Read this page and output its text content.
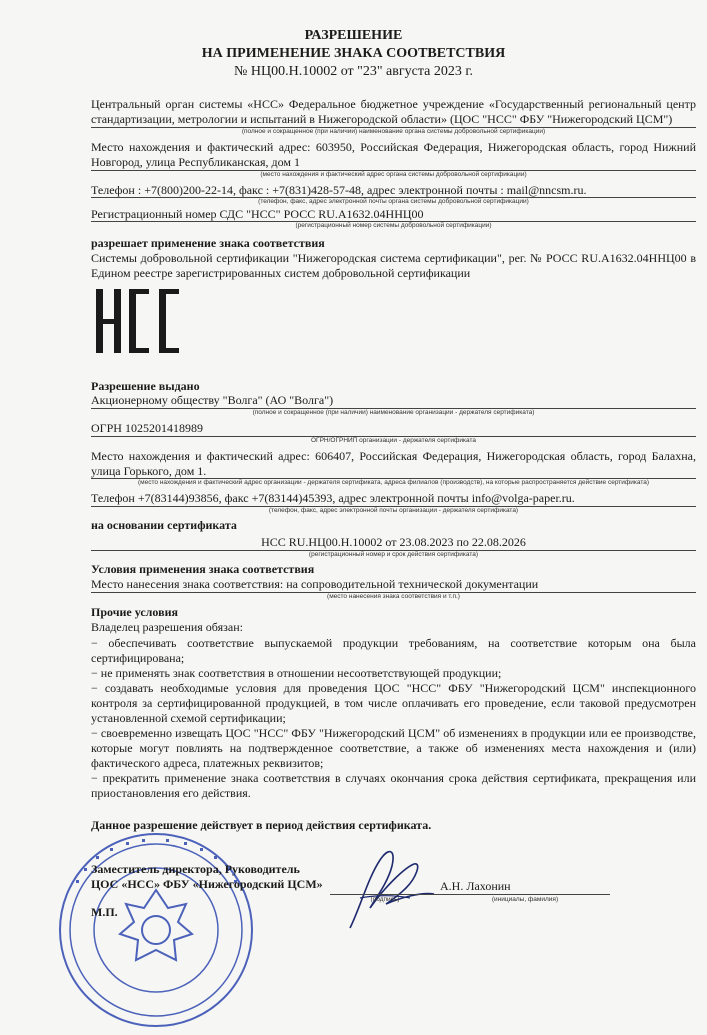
РАЗРЕШЕНИЕ
НА ПРИМЕНЕНИЕ ЗНАКА СООТВЕТСТВИЯ
№ НЦ00.Н.10002 от "23" августа 2023 г.
Центральный орган системы «НСС» Федеральное бюджетное учреждение «Государственный региональный центр стандартизации, метрологии и испытаний в Нижегородской области» (ЦОС "НСС" ФБУ "Нижегородский ЦСМ")
(полное и сокращенное (при наличии) наименование органа системы добровольной сертификации)
Место нахождения и фактический адрес: 603950, Российская Федерация, Нижегородская область, город Нижний Новгород, улица Республиканская, дом 1
(место нахождения и фактический адрес органа системы добровольной сертификации)
Телефон : +7(800)200-22-14, факс : +7(831)428-57-48, адрес электронной почты : mail@nncsm.ru.
(телефон, факс, адрес электронной почты органа системы добровольной сертификации)
Регистрационный номер СДС "НСС" РОСС RU.А1632.04ННЦ00
(регистрационный номер системы добровольной сертификации)
разрешает применение знака соответствия
Системы добровольной сертификации "Нижегородская система сертификации", рег. № РОСС RU.А1632.04ННЦ00 в Едином реестре зарегистрированных систем добровольной сертификации
Разрешение выдано
Акционерному обществу "Волга" (АО "Волга")
(полное и сокращенное (при наличии) наименование организации - держателя сертификата)
ОГРН 1025201418989
ОГРН/ОГРНИП организации - держателя сертификата
Место нахождения и фактический адрес: 606407, Российская Федерация, Нижегородская область, город Балахна, улица Горького, дом 1.
(место нахождения и фактический адрес организации - держателя сертификата, адреса филиалов (производств), на которые распространяется действие сертификата)
Телефон +7(83144)93856, факс +7(83144)45393, адрес электронной почты info@volga-paper.ru.
(телефон, факс, адрес электронной почты организации - держателя сертификата)
на основании сертификата
НСС RU.НЦ00.Н.10002 от 23.08.2023 по 22.08.2026
(регистрационный номер и срок действия сертификата)
Условия применения знака соответствия
Место нанесения знака соответствия: на сопроводительной технической документации
(место нанесения знака соответствия и т.п.)
Прочие условия
Владелец разрешения обязан:
− обеспечивать соответствие выпускаемой продукции требованиям, на соответствие которым она была сертифицирована;
− не применять знак соответствия в отношении несоответствующей продукции;
− создавать необходимые условия для проведения ЦОС "НСС" ФБУ "Нижегородский ЦСМ" инспекционного контроля за сертифицированной продукцией, в том числе оплачивать его проведение, если таковой предусмотрен установленной схемой сертификации;
− своевременно извещать ЦОС "НСС" ФБУ "Нижегородский ЦСМ" об изменениях в продукции или ее производстве, которые могут повлиять на подтвержденное соответствие, а также об изменениях места нахождения и (или) фактического адреса, платежных реквизитов;
− прекратить применение знака соответствия в случаях окончания срока действия сертификата, прекращения или приостановления его действия.
Данное разрешение действует в период действия сертификата.
Заместитель директора, Руководитель
ЦОС «НСС» ФБУ «Нижегородский ЦСМ»
М.П.
(подпись)
А.Н. Лахонин
(инициалы, фамилия)
